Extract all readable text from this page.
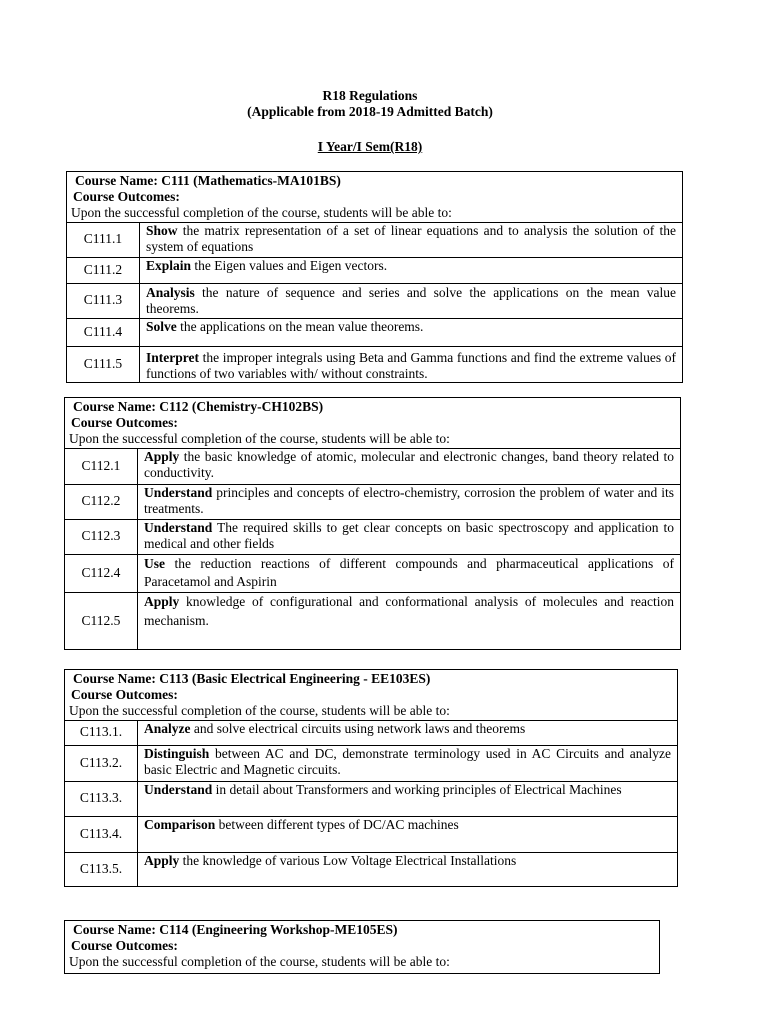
R18 Regulations
(Applicable from 2018-19 Admitted Batch)
I Year/I Sem(R18)
Course Name: C111 (Mathematics-MA101BS)
Course Outcomes:
Upon the successful completion of the course, students will be able to:
C111.1	Show the matrix representation of a set of linear equations and to analysis the solution of the system of equations
C111.2	Explain the Eigen values and Eigen vectors.
C111.3	Analysis the nature of sequence and series and solve the applications on the mean value theorems.
C111.4	Solve the applications on the mean value theorems.
C111.5	Interpret the improper integrals using Beta and Gamma functions and find the extreme values of functions of two variables with/ without constraints.
Course Name: C112 (Chemistry-CH102BS)
Course Outcomes:
Upon the successful completion of the course, students will be able to:
C112.1	Apply the basic knowledge of atomic, molecular and electronic changes, band theory related to conductivity.
C112.2	Understand principles and concepts of electro-chemistry, corrosion the problem of water and its treatments.
C112.3	Understand The required skills to get clear concepts on basic spectroscopy and application to medical and other fields
C112.4	Use the reduction reactions of different compounds and pharmaceutical applications of Paracetamol and Aspirin
C112.5	Apply knowledge of configurational and conformational analysis of molecules and reaction mechanism.
Course Name: C113 (Basic Electrical Engineering - EE103ES)
Course Outcomes:
Upon the successful completion of the course, students will be able to:
C113.1.	Analyze and solve electrical circuits using network laws and theorems
C113.2.	Distinguish between AC and DC, demonstrate terminology used in AC Circuits and analyze basic Electric and Magnetic circuits.
C113.3.	Understand in detail about Transformers and working principles of Electrical Machines
C113.4.	Comparison between different types of DC/AC machines
C113.5.	Apply the knowledge of various Low Voltage Electrical Installations
Course Name: C114 (Engineering Workshop-ME105ES)
Course Outcomes:
Upon the successful completion of the course, students will be able to:
